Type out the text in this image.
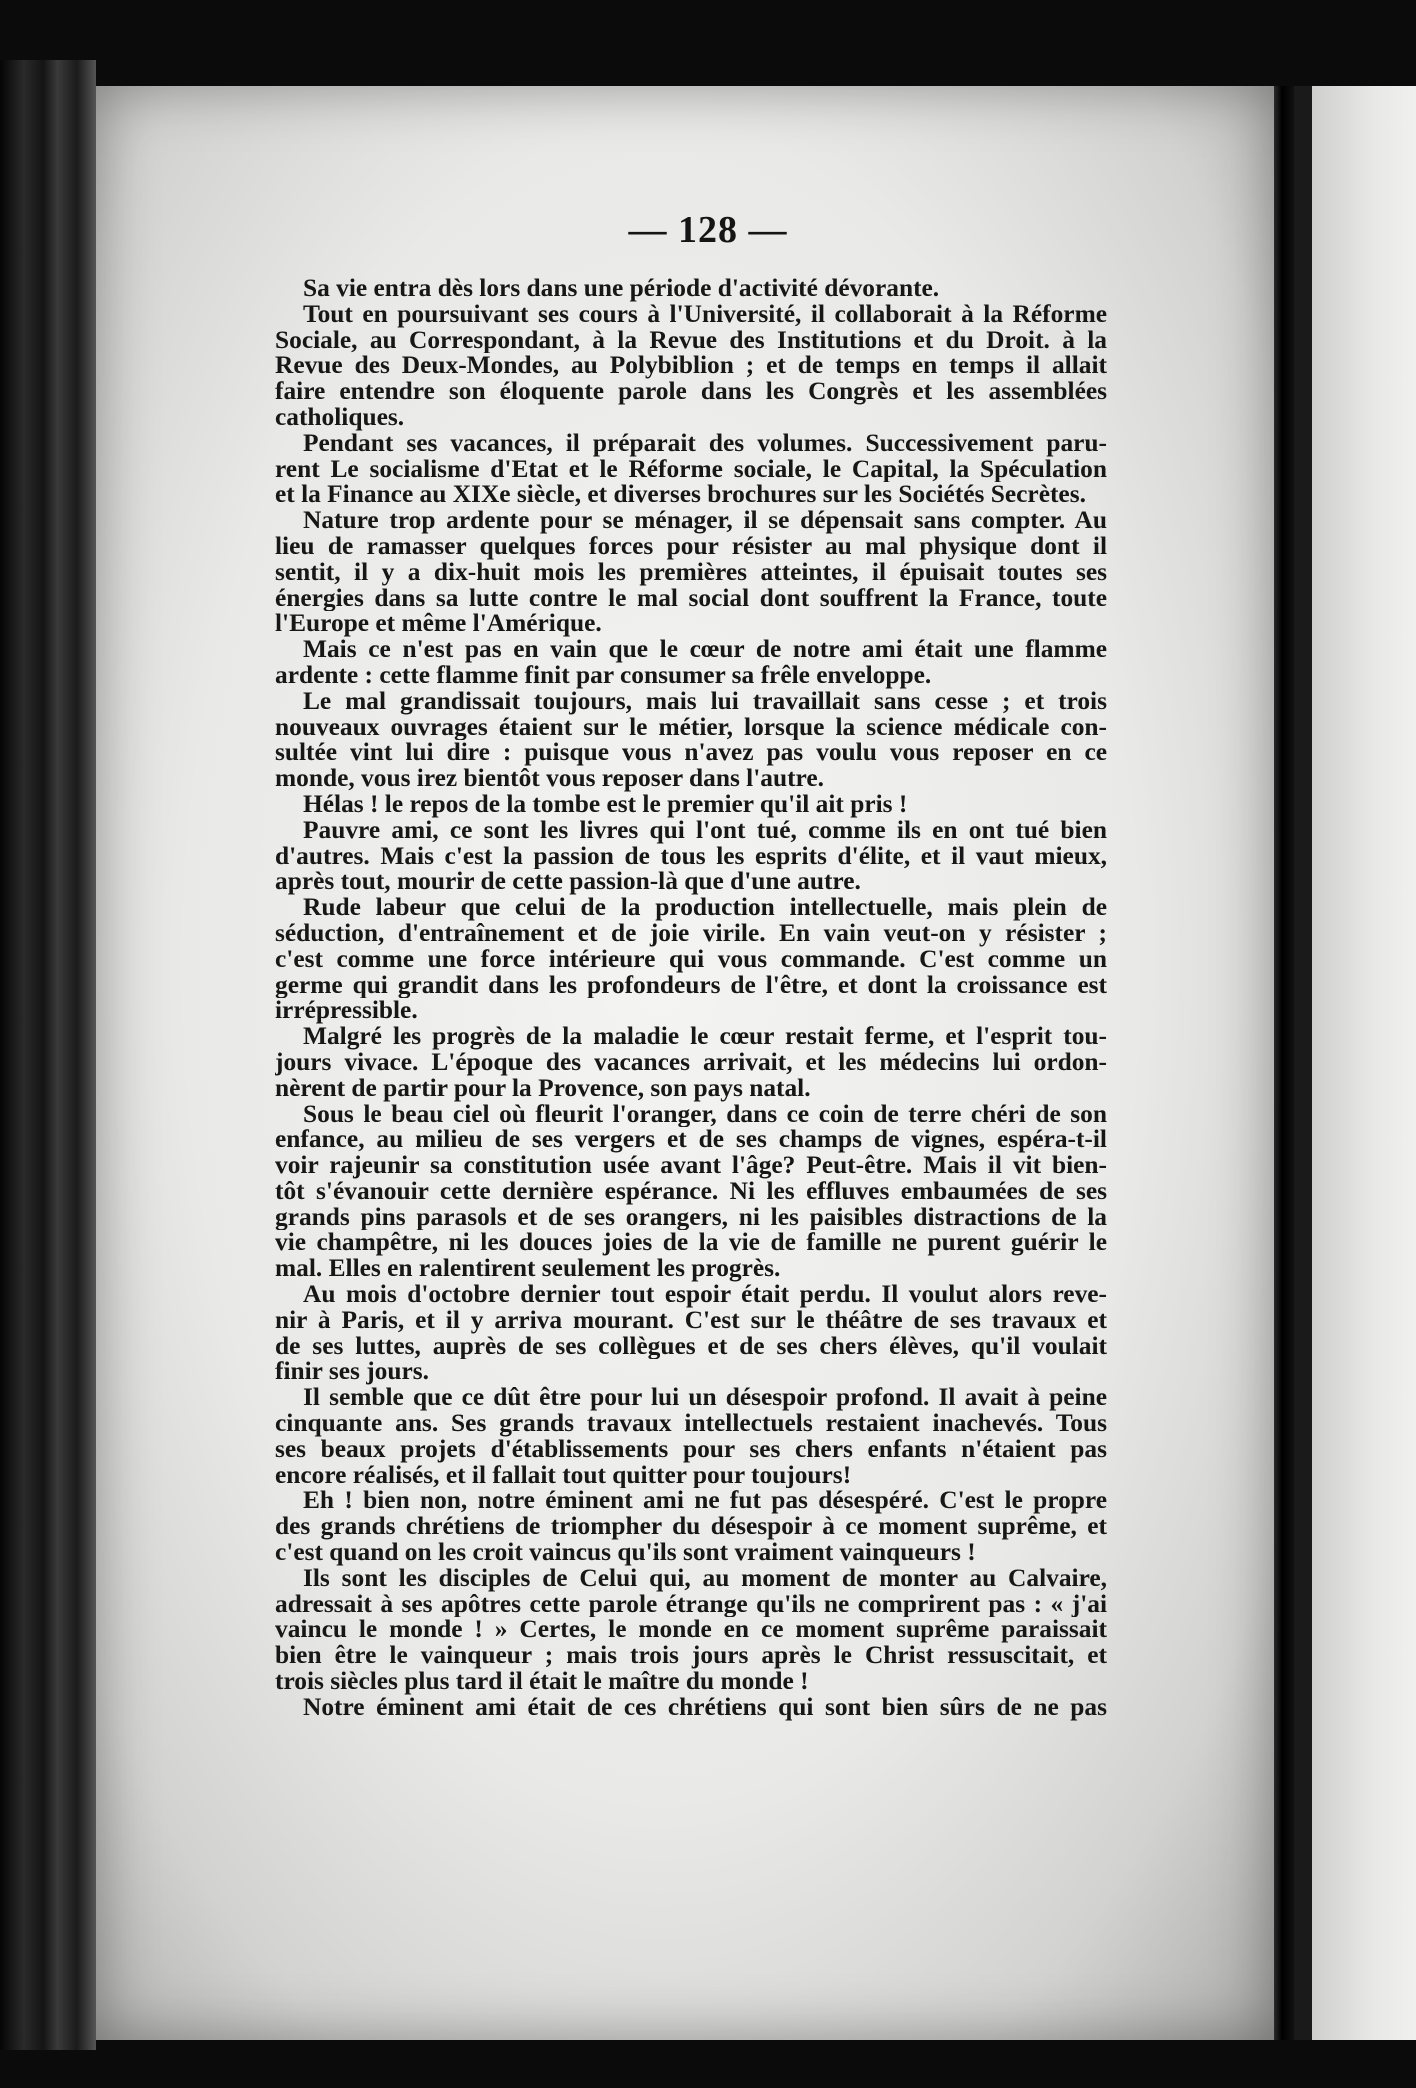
— 128 —
Sa vie entra dès lors dans une période d'activité dévorante.
Tout en poursuivant ses cours à l'Université, il collaborait à la Réforme
Sociale, au Correspondant, à la Revue des Institutions et du Droit. à la
Revue des Deux-Mondes, au Polybiblion ; et de temps en temps il allait
faire entendre son éloquente parole dans les Congrès et les assemblées
catholiques.
Pendant ses vacances, il préparait des volumes. Successivement paru-
rent Le socialisme d'Etat et le Réforme sociale, le Capital, la Spéculation
et la Finance au XIXe siècle, et diverses brochures sur les Sociétés Secrètes.
Nature trop ardente pour se ménager, il se dépensait sans compter. Au
lieu de ramasser quelques forces pour résister au mal physique dont il
sentit, il y a dix-huit mois les premières atteintes, il épuisait toutes ses
énergies dans sa lutte contre le mal social dont souffrent la France, toute
l'Europe et même l'Amérique.
Mais ce n'est pas en vain que le cœur de notre ami était une flamme
ardente : cette flamme finit par consumer sa frêle enveloppe.
Le mal grandissait toujours, mais lui travaillait sans cesse ; et trois
nouveaux ouvrages étaient sur le métier, lorsque la science médicale con-
sultée vint lui dire : puisque vous n'avez pas voulu vous reposer en ce
monde, vous irez bientôt vous reposer dans l'autre.
Hélas ! le repos de la tombe est le premier qu'il ait pris !
Pauvre ami, ce sont les livres qui l'ont tué, comme ils en ont tué bien
d'autres. Mais c'est la passion de tous les esprits d'élite, et il vaut mieux,
après tout, mourir de cette passion-là que d'une autre.
Rude labeur que celui de la production intellectuelle, mais plein de
séduction, d'entraînement et de joie virile. En vain veut-on y résister ;
c'est comme une force intérieure qui vous commande. C'est comme un
germe qui grandit dans les profondeurs de l'être, et dont la croissance est
irrépressible.
Malgré les progrès de la maladie le cœur restait ferme, et l'esprit tou-
jours vivace. L'époque des vacances arrivait, et les médecins lui ordon-
nèrent de partir pour la Provence, son pays natal.
Sous le beau ciel où fleurit l'oranger, dans ce coin de terre chéri de son
enfance, au milieu de ses vergers et de ses champs de vignes, espéra-t-il
voir rajeunir sa constitution usée avant l'âge? Peut-être. Mais il vit bien-
tôt s'évanouir cette dernière espérance. Ni les effluves embaumées de ses
grands pins parasols et de ses orangers, ni les paisibles distractions de la
vie champêtre, ni les douces joies de la vie de famille ne purent guérir le
mal. Elles en ralentirent seulement les progrès.
Au mois d'octobre dernier tout espoir était perdu. Il voulut alors reve-
nir à Paris, et il y arriva mourant. C'est sur le théâtre de ses travaux et
de ses luttes, auprès de ses collègues et de ses chers élèves, qu'il voulait
finir ses jours.
Il semble que ce dût être pour lui un désespoir profond. Il avait à peine
cinquante ans. Ses grands travaux intellectuels restaient inachevés. Tous
ses beaux projets d'établissements pour ses chers enfants n'étaient pas
encore réalisés, et il fallait tout quitter pour toujours!
Eh ! bien non, notre éminent ami ne fut pas désespéré. C'est le propre
des grands chrétiens de triompher du désespoir à ce moment suprême, et
c'est quand on les croit vaincus qu'ils sont vraiment vainqueurs !
Ils sont les disciples de Celui qui, au moment de monter au Calvaire,
adressait à ses apôtres cette parole étrange qu'ils ne comprirent pas : « j'ai
vaincu le monde ! » Certes, le monde en ce moment suprême paraissait
bien être le vainqueur ; mais trois jours après le Christ ressuscitait, et
trois siècles plus tard il était le maître du monde !
Notre éminent ami était de ces chrétiens qui sont bien sûrs de ne pas
